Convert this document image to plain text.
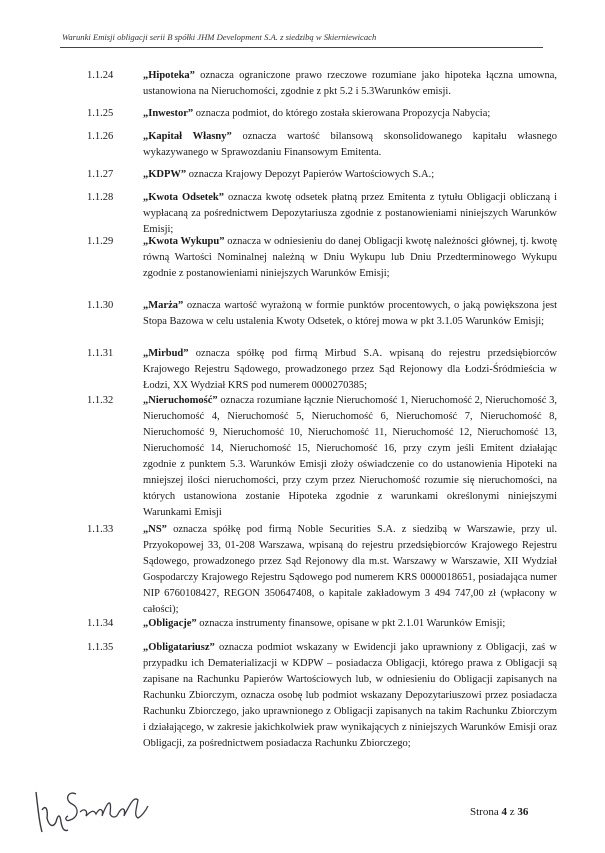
Warunki Emisji obligacji serii B spółki JHM Development S.A. z siedzibą w Skierniewicach
1.1.24	„Hipoteka” oznacza ograniczone prawo rzeczowe rozumiane jako hipoteka łączna umowna, ustanowiona na Nieruchomości, zgodnie z pkt 5.2 i 5.3Warunków emisji.
1.1.25	„Inwestor” oznacza podmiot, do którego została skierowana Propozycja Nabycia;
1.1.26	„Kapitał Własny” oznacza wartość bilansową skonsolidowanego kapitału własnego wykazywanego w Sprawozdaniu Finansowym Emitenta.
1.1.27	„KDPW” oznacza Krajowy Depozyt Papierów Wartościowych S.A.;
1.1.28	„Kwota Odsetek” oznacza kwotę odsetek płatną przez Emitenta z tytułu Obligacji obliczaną i wypłacaną za pośrednictwem Depozytariusza zgodnie z postanowieniami niniejszych Warunków Emisji;
1.1.29	„Kwota Wykupu” oznacza w odniesieniu do danej Obligacji kwotę należności głównej, tj. kwotę równą Wartości Nominalnej należną w Dniu Wykupu lub Dniu Przedterminowego Wykupu zgodnie z postanowieniami niniejszych Warunków Emisji;
1.1.30	„Marża” oznacza wartość wyrażoną w formie punktów procentowych, o jaką powiększona jest Stopa Bazowa w celu ustalenia Kwoty Odsetek, o której mowa w pkt 3.1.05 Warunków Emisji;
1.1.31	„Mirbud” oznacza spółkę pod firmą Mirbud S.A. wpisaną do rejestru przedsiębiorców Krajowego Rejestru Sądowego, prowadzonego przez Sąd Rejonowy dla Łodzi-Śródmieścia w Łodzi, XX Wydział KRS pod numerem 0000270385;
1.1.32	„Nieruchomość” oznacza rozumiane łącznie Nieruchomość 1, Nieruchomość 2, Nieruchomość 3, Nieruchomość 4, Nieruchomość 5, Nieruchomość 6, Nieruchomość 7, Nieruchomość 8, Nieruchomość 9, Nieruchomość 10, Nieruchomość 11, Nieruchomość 12, Nieruchomość 13, Nieruchomość 14, Nieruchomość 15, Nieruchomość 16, przy czym jeśli Emitent działając zgodnie z punktem 5.3. Warunków Emisji złoży oświadczenie co do ustanowienia Hipoteki na mniejszej ilości nieruchomości, przy czym przez Nieruchomość rozumie się nieruchomości, na których ustanowiona zostanie Hipoteka zgodnie z warunkami określonymi niniejszymi Warunkami Emisji
1.1.33	„NS” oznacza spółkę pod firmą Noble Securities S.A. z siedzibą w Warszawie, przy ul. Przyokopowej 33, 01-208 Warszawa, wpisaną do rejestru przedsiębiorców Krajowego Rejestru Sądowego, prowadzonego przez Sąd Rejonowy dla m.st. Warszawy w Warszawie, XII Wydział Gospodarczy Krajowego Rejestru Sądowego pod numerem KRS 0000018651, posiadająca numer NIP 6760108427, REGON 350647408, o kapitale zakładowym 3 494 747,00 zł (wpłacony w całości);
1.1.34	„Obligacje” oznacza instrumenty finansowe, opisane w pkt 2.1.01 Warunków Emisji;
1.1.35	„Obligatariusz” oznacza podmiot wskazany w Ewidencji jako uprawniony z Obligacji, zaś w przypadku ich Dematerializacji w KDPW – posiadacza Obligacji, którego prawa z Obligacji są zapisane na Rachunku Papierów Wartościowych lub, w odniesieniu do Obligacji zapisanych na Rachunku Zbiorczym, oznacza osobę lub podmiot wskazany Depozytariuszowi przez posiadacza Rachunku Zbiorczego, jako uprawnionego z Obligacji zapisanych na takim Rachunku Zbiorczym i działającego, w zakresie jakichkolwiek praw wynikających z niniejszych Warunków Emisji oraz Obligacji, za pośrednictwem posiadacza Rachunku Zbiorczego;
Strona 4 z 36
